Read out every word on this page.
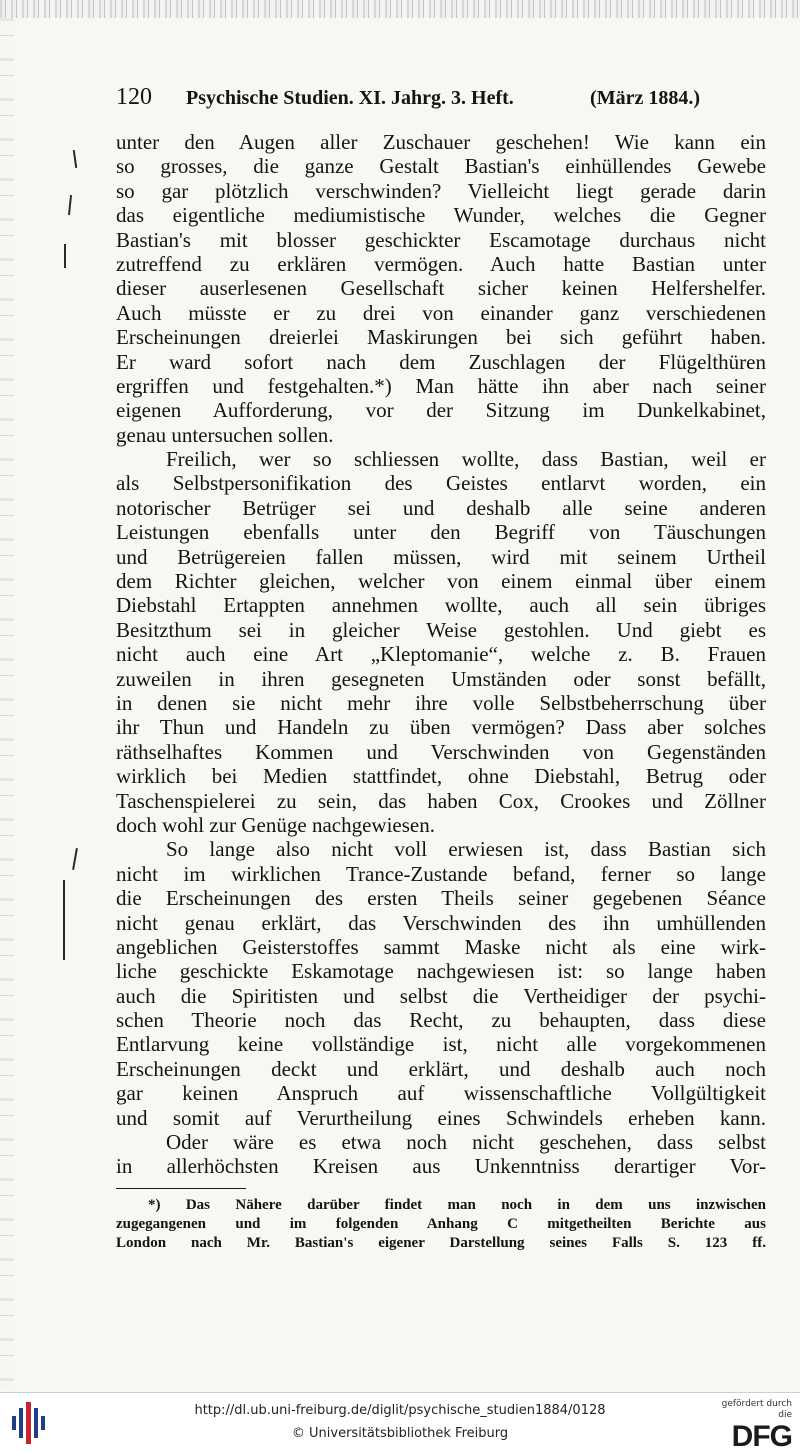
120 Psychische Studien. XI. Jahrg. 3. Heft.	(März 1884.)
unter den Augen aller Zuschauer geschehen! Wie kann ein
so grosses, die ganze Gestalt Bastian's einhüllendes Gewebe
so gar plötzlich verschwinden? Vielleicht liegt gerade darin
das eigentliche mediumistische Wunder, welches die Gegner
Bastian's mit blosser geschickter Escamotage durchaus nicht
zutreffend zu erklären vermögen. Auch hatte Bastian unter
dieser auserlesenen Gesellschaft sicher keinen Helfershelfer.
Auch müsste er zu drei von einander ganz verschiedenen
Erscheinungen dreierlei Maskirungen bei sich geführt haben.
Er ward sofort nach dem Zuschlagen der Flügelthüren
ergriffen und festgehalten.*) Man hätte ihn aber nach seiner
eigenen Aufforderung, vor der Sitzung im Dunkelkabinet,
genau untersuchen sollen.
Freilich, wer so schliessen wollte, dass Bastian, weil er
als Selbstpersonifikation des Geistes entlarvt worden, ein
notorischer Betrüger sei und deshalb alle seine anderen
Leistungen ebenfalls unter den Begriff von Täuschungen
und Betrügereien fallen müssen, wird mit seinem Urtheil
dem Richter gleichen, welcher von einem einmal über einem
Diebstahl Ertappten annehmen wollte, auch all sein übriges
Besitzthum sei in gleicher Weise gestohlen. Und giebt es
nicht auch eine Art „Kleptomanie“, welche z. B. Frauen
zuweilen in ihren gesegneten Umständen oder sonst befällt,
in denen sie nicht mehr ihre volle Selbstbeherrschung über
ihr Thun und Handeln zu üben vermögen? Dass aber solches
räthselhaftes Kommen und Verschwinden von Gegenständen
wirklich bei Medien stattfindet, ohne Diebstahl, Betrug oder
Taschenspielerei zu sein, das haben Cox, Crookes und Zöllner
doch wohl zur Genüge nachgewiesen.
So lange also nicht voll erwiesen ist, dass Bastian sich
nicht im wirklichen Trance-Zustande befand, ferner so lange
die Erscheinungen des ersten Theils seiner gegebenen Séance
nicht genau erklärt, das Verschwinden des ihn umhüllenden
angeblichen Geisterstoffes sammt Maske nicht als eine wirk-
liche geschickte Eskamotage nachgewiesen ist: so lange haben
auch die Spiritisten und selbst die Vertheidiger der psychi-
schen Theorie noch das Recht, zu behaupten, dass diese
Entlarvung keine vollständige ist, nicht alle vorgekommenen
Erscheinungen deckt und erklärt, und deshalb auch noch
gar keinen Anspruch auf wissenschaftliche Vollgültigkeit
und somit auf Verurtheilung eines Schwindels erheben kann.
Oder wäre es etwa noch nicht geschehen, dass selbst
in allerhöchsten Kreisen aus Unkenntniss derartiger Vor-
*) Das Nähere darüber findet man noch in dem uns inzwischen
zugegangenen und im folgenden Anhang C mitgetheilten Berichte aus
London nach Mr. Bastian's eigener Darstellung seines Falls S. 123 ff.
http://dl.ub.uni-freiburg.de/diglit/psychische_studien1884/0128
© Universitätsbibliothek Freiburg
gefördert durch die
DFG
